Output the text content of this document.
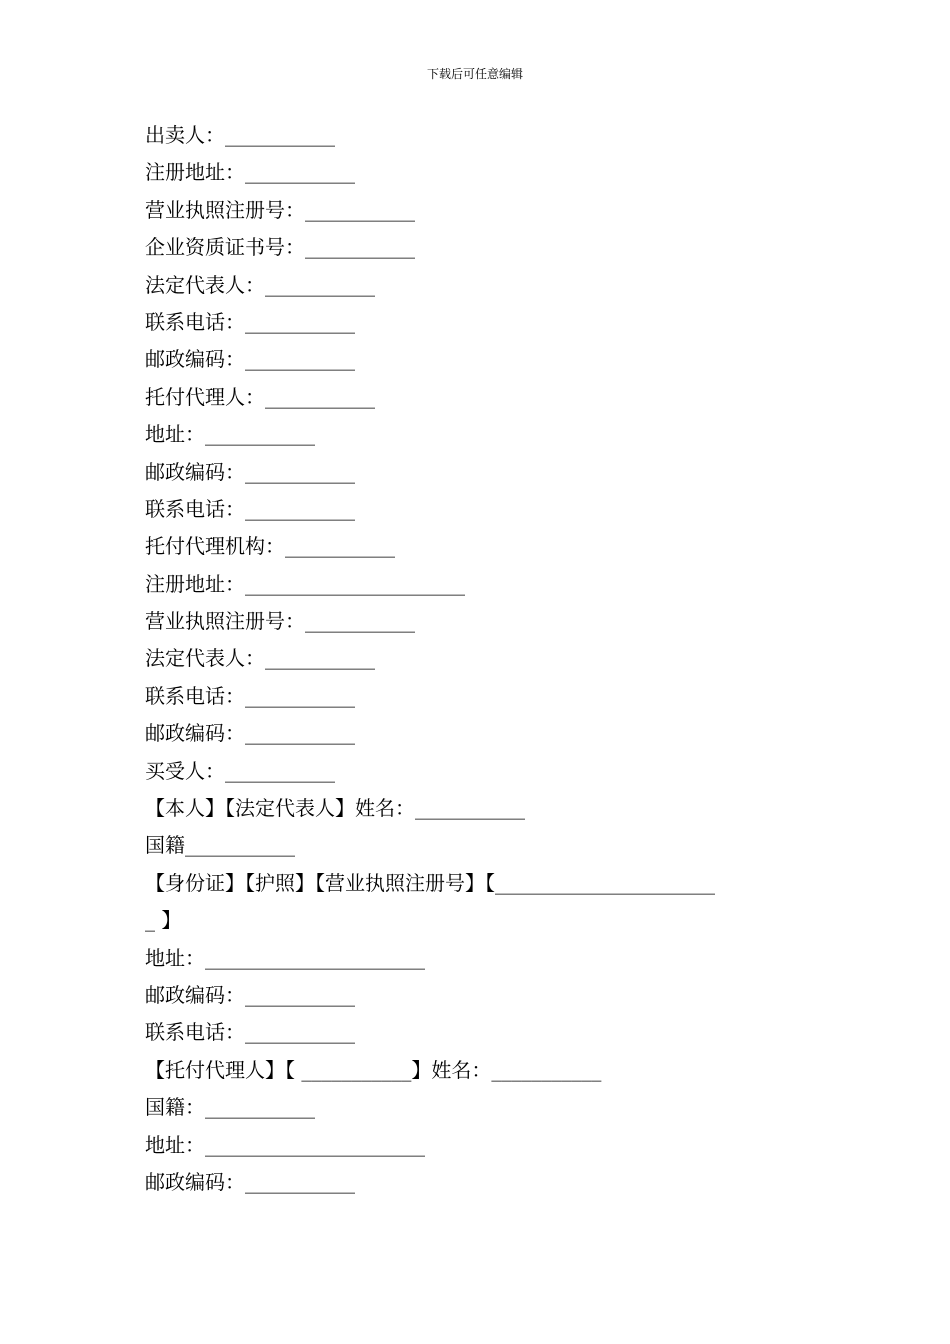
下载后可任意编辑
出卖人：___________
注册地址：___________
营业执照注册号：___________
企业资质证书号：___________
法定代表人：___________
联系电话：___________
邮政编码：___________
托付代理人：___________
地址：___________
邮政编码：___________
联系电话：___________
托付代理机构：___________
注册地址：______________________
营业执照注册号：___________
法定代表人：___________
联系电话：___________
邮政编码：___________
买受人：___________
【本人】【法定代表人】姓名：___________
国籍___________
【身份证】【护照】【营业执照注册号】【______________________
_ 】
地址：______________________
邮政编码：___________
联系电话：___________
【托付代理人】【 ___________】姓名：___________
国籍：___________
地址：______________________
邮政编码：___________
